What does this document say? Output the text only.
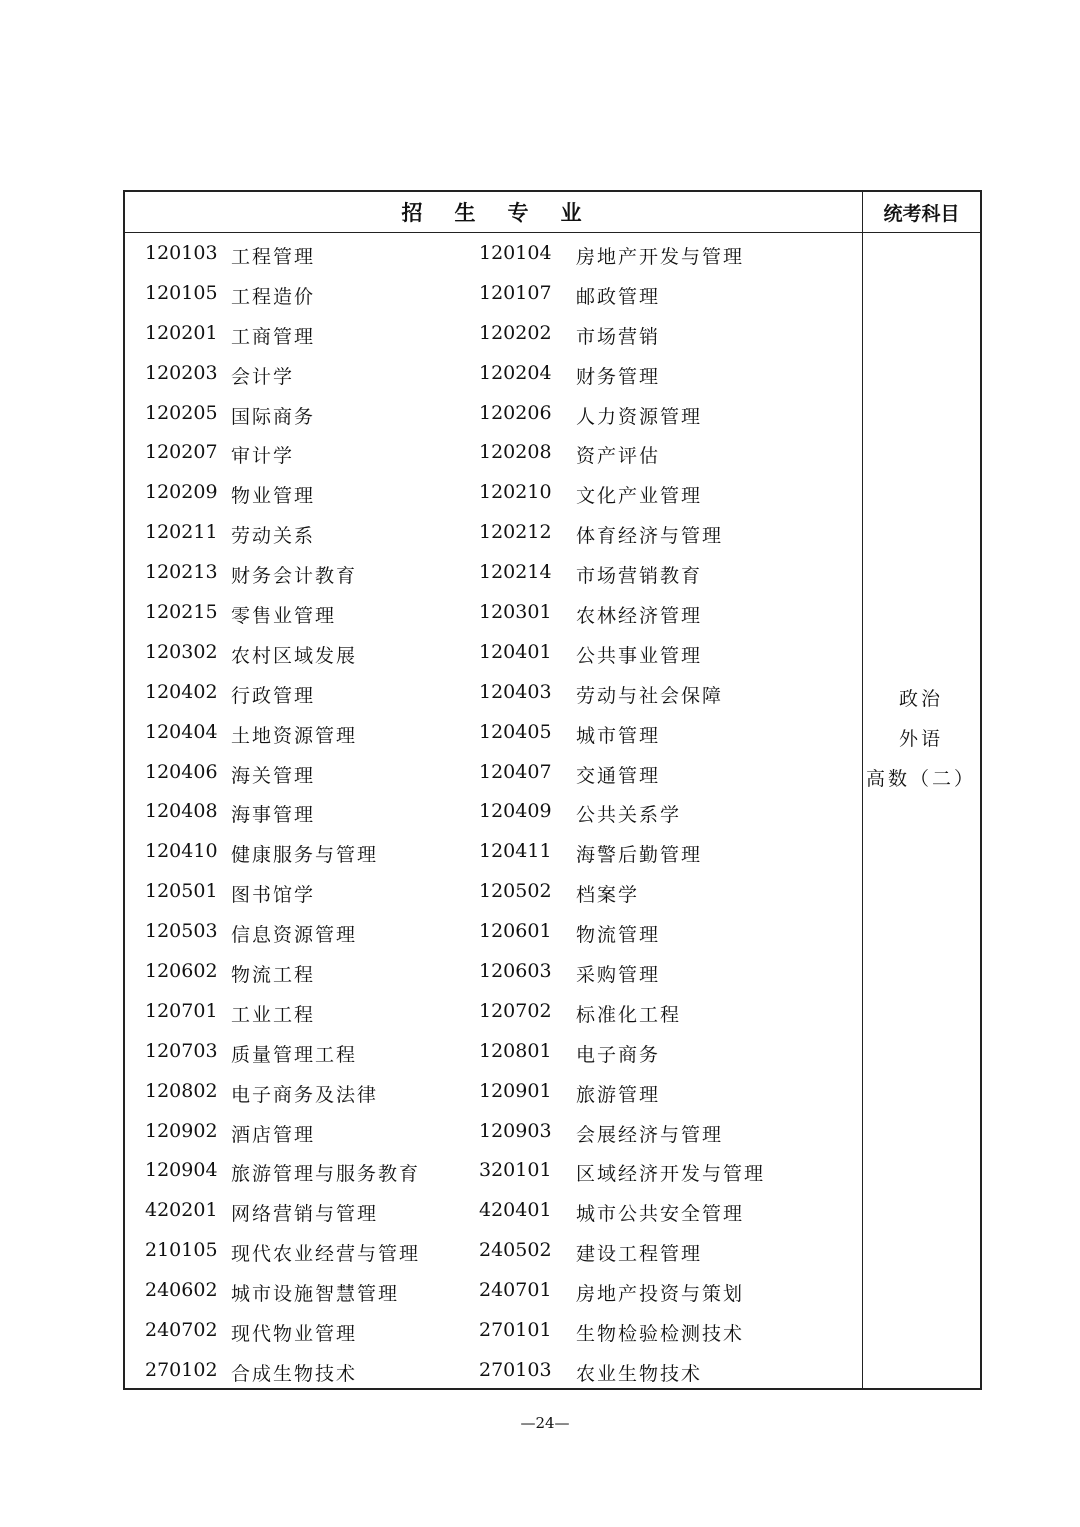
招 生 专 业	统考科目
120103 工程管理	120104 房地产开发与管理
120105 工程造价	120107 邮政管理
120201 工商管理	120202 市场营销
120203 会计学	120204 财务管理
120205 国际商务	120206 人力资源管理
120207 审计学	120208 资产评估
120209 物业管理	120210 文化产业管理
120211 劳动关系	120212 体育经济与管理
120213 财务会计教育	120214 市场营销教育
120215 零售业管理	120301 农林经济管理
120302 农村区域发展	120401 公共事业管理
120402 行政管理	120403 劳动与社会保障
120404 土地资源管理	120405 城市管理
120406 海关管理	120407 交通管理
120408 海事管理	120409 公共关系学
120410 健康服务与管理	120411 海警后勤管理
120501 图书馆学	120502 档案学
120503 信息资源管理	120601 物流管理
120602 物流工程	120603 采购管理
120701 工业工程	120702 标准化工程
120703 质量管理工程	120801 电子商务
120802 电子商务及法律	120901 旅游管理
120902 酒店管理	120903 会展经济与管理
120904 旅游管理与服务教育	320101 区域经济开发与管理
420201 网络营销与管理	420401 城市公共安全管理
210105 现代农业经营与管理	240502 建设工程管理
240602 城市设施智慧管理	240701 房地产投资与策划
240702 现代物业管理	270101 生物检验检测技术
270102 合成生物技术	270103 农业生物技术
政治
外语
高数（二）
—24—
